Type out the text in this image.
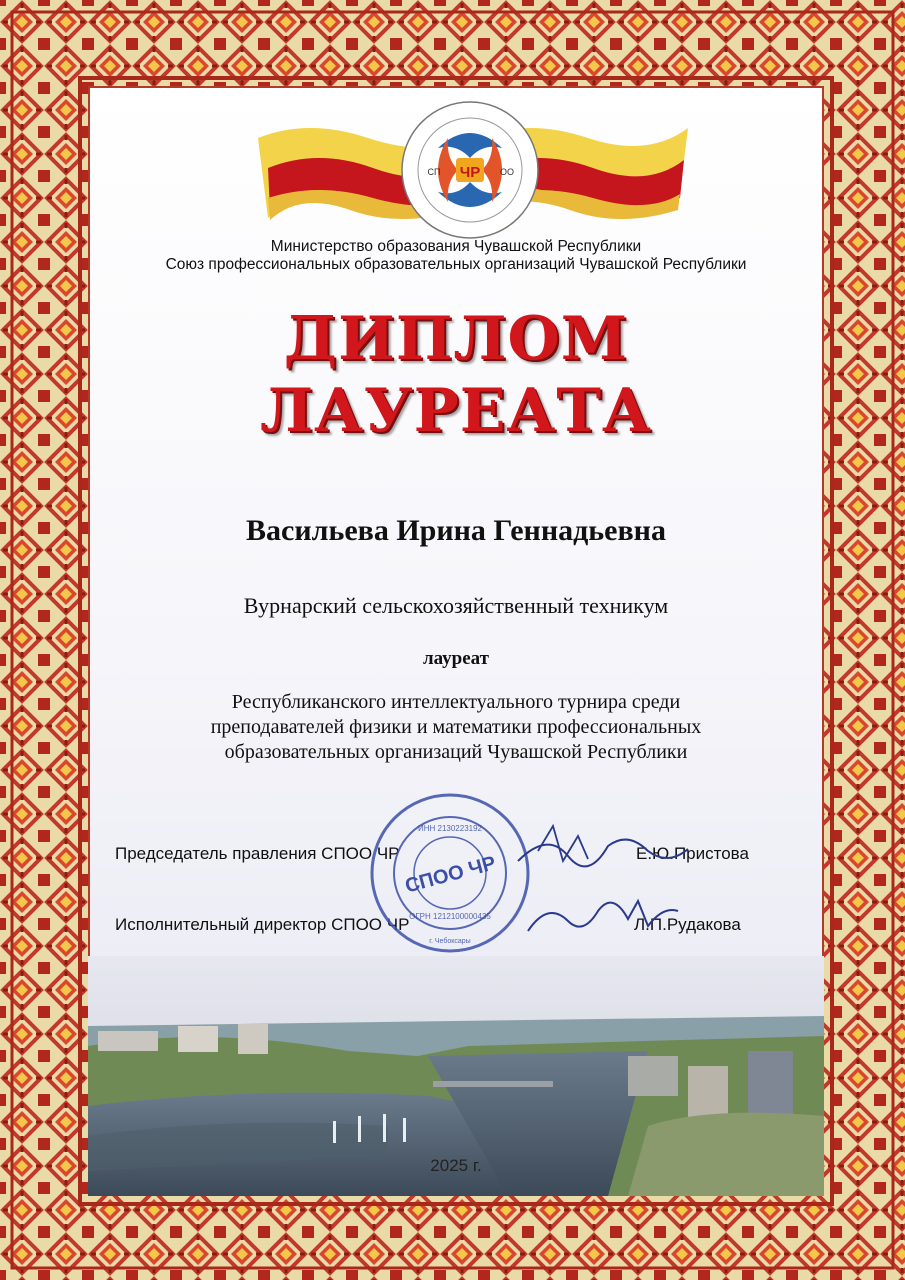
ЧР
СП	ОО
Министерство образования Чувашской Республики
Союз профессиональных образовательных организаций Чувашской Республики
ДИПЛОМ
ЛАУРЕАТА
Васильева Ирина Геннадьевна
Вурнарский сельскохозяйственный техникум
лауреат
Республиканского интеллектуального турнира среди
преподавателей физики и математики профессиональных
образовательных организаций Чувашской Республики
Председатель правления СПОО ЧР	Е.Ю.Пристова
Исполнительный директор СПОО ЧР	Л.П.Рудакова
СПОО ЧР
ИНН 2130223192
ОГРН 1212100000435
г. Чебоксары
2025 г.
